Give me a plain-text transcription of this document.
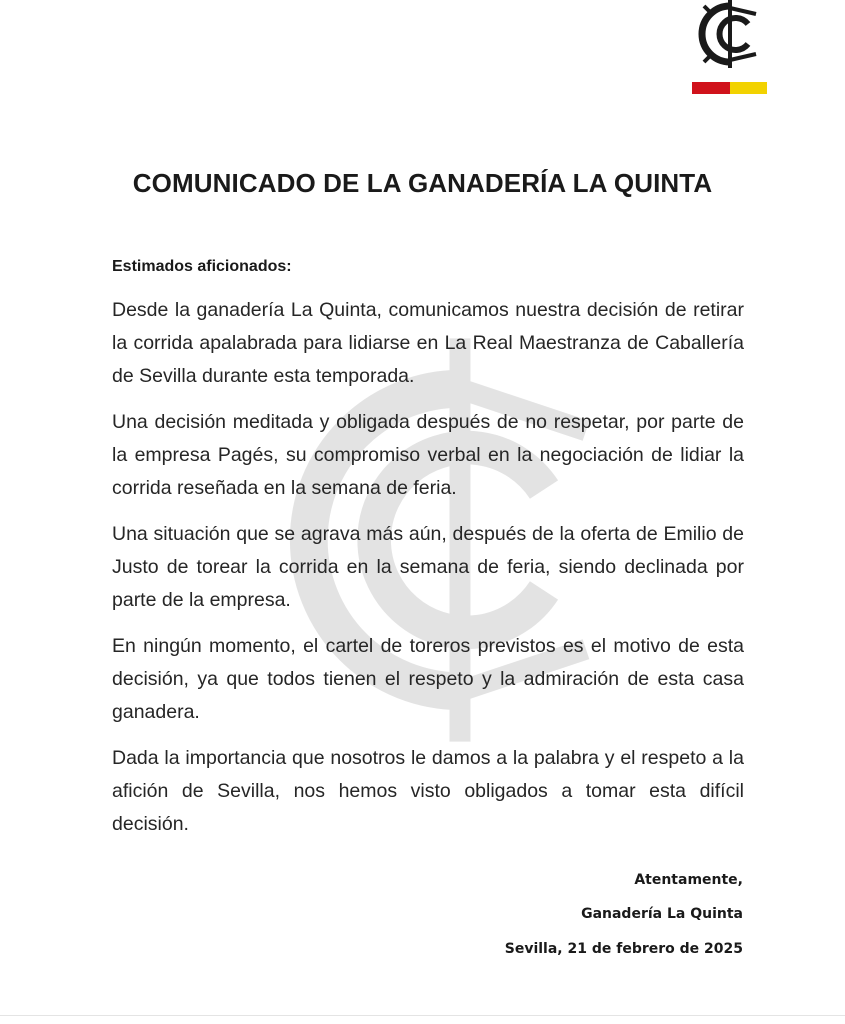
COMUNICADO DE LA GANADERÍA LA QUINTA
Estimados aficionados:

Desde la ganadería La Quinta, comunicamos nuestra decisión de retirar la corrida apalabrada para lidiarse en La Real Maestranza de Caballería de Sevilla durante esta temporada.

Una decisión meditada y obligada después de no respetar, por parte de la empresa Pagés, su compromiso verbal en la negociación de lidiar la corrida reseñada en la semana de feria.

Una situación que se agrava más aún, después de la oferta de Emilio de Justo de torear la corrida en la semana de feria, siendo declinada por parte de la empresa.

En ningún momento, el cartel de toreros previstos es el motivo de esta decisión, ya que todos tienen el respeto y la admiración de esta casa ganadera.

Dada la importancia que nosotros le damos a la palabra y el respeto a la afición de Sevilla, nos hemos visto obligados a tomar esta difícil decisión.

Atentamente,
Ganadería La Quinta
Sevilla, 21 de febrero de 2025
